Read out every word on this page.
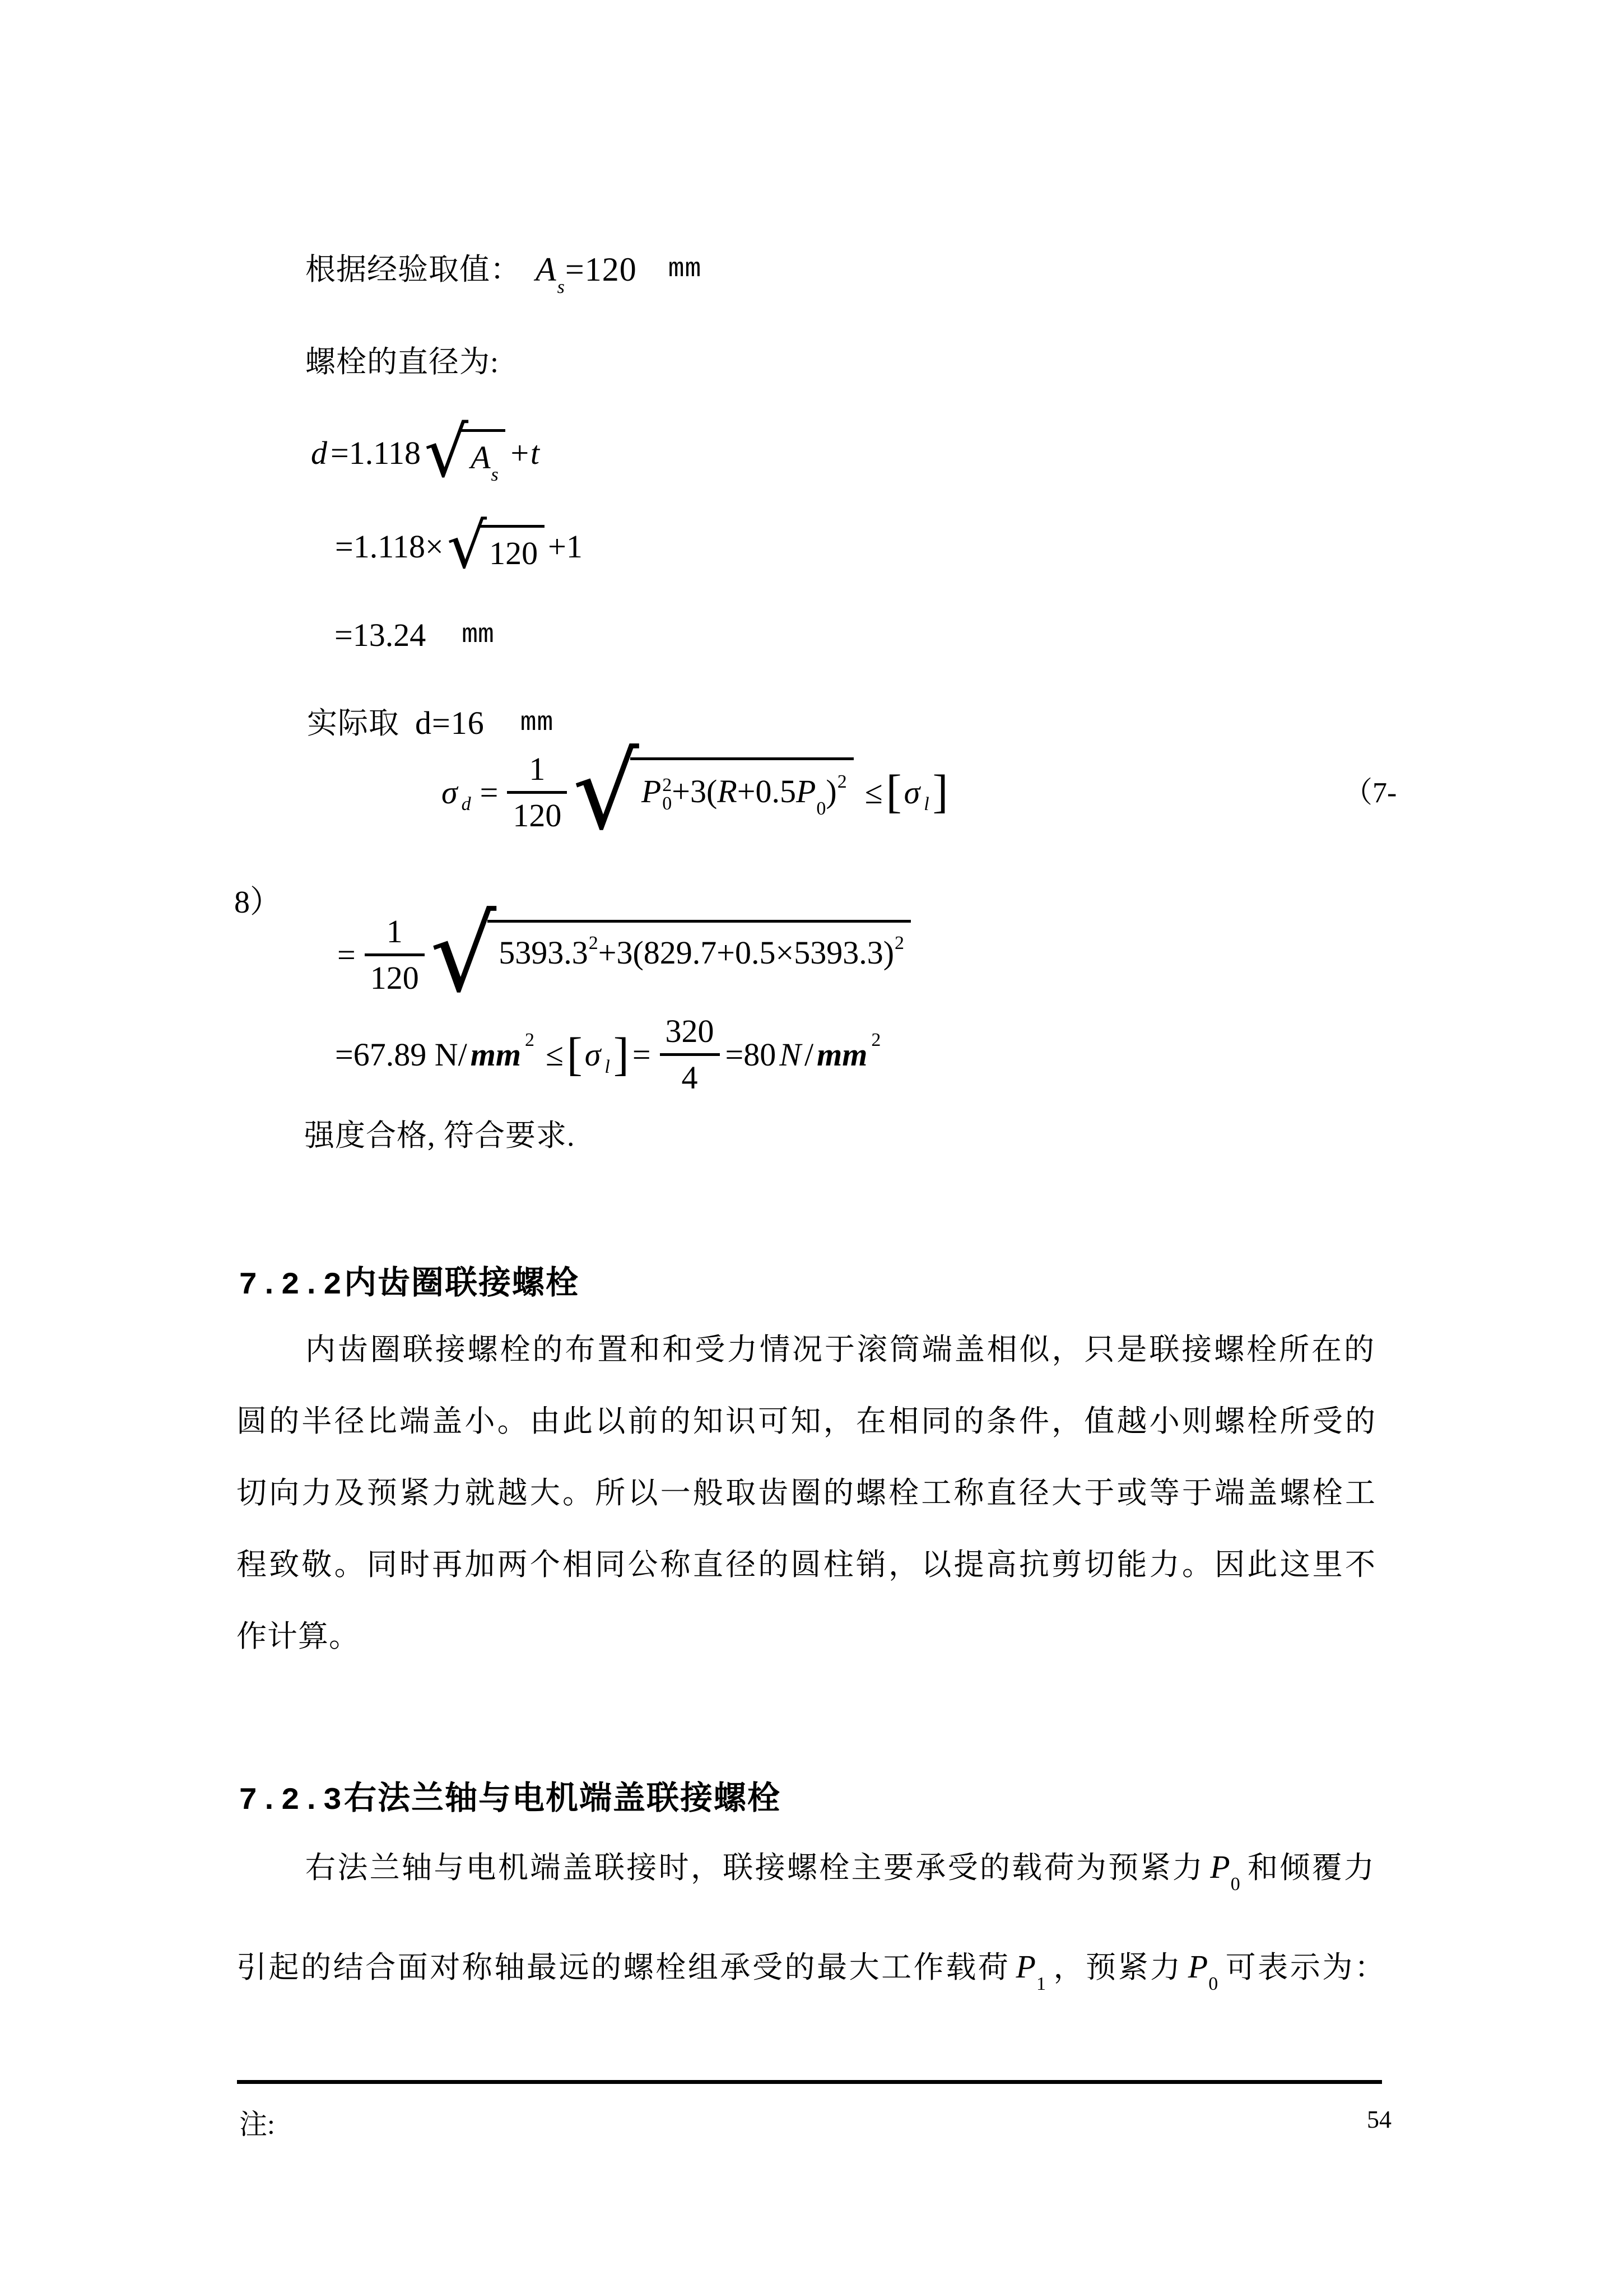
根据经验取值： $A_s=120$ mm
螺栓的直径为:
d =1.118 √ $A_s$
+t
=1.118× √ 120 +1
=13.24 mm
实际取 d=16 mm
σ d =
1
120 √ P 2
$0 +3(R+0.5P_0)^2$ ≤ [ σ l ]	（7-
8）
=
1
120 √ $5393.3^2+3(829.7+0.5\times 5393.3)^2$
=67.89 N/ mm 2 ≤ [ σ l ] =
320
4
=80 N / mm 2
强度合格, 符合要求.
7.2.2内齿圈联接螺栓
内齿圈联接螺栓的布置和和受力情况于滚筒端盖相似，只是联接螺栓所在的
圆的半径比端盖小。由此以前的知识可知，在相同的条件，值越小则螺栓所受的
切向力及预紧力就越大。所以一般取齿圈的螺栓工称直径大于或等于端盖螺栓工
程致敬。同时再加两个相同公称直径的圆柱销，以提高抗剪切能力。因此这里不
作计算。
7.2.3右法兰轴与电机端盖联接螺栓
右法兰轴与电机端盖联接时，联接螺栓主要承受的载荷为预紧力 $P_0$ 和倾覆力
引起的结合面对称轴最远的螺栓组承受的最大工作载荷 $P_1$ ，预紧力 $P_0$ 可表示为：
注:	54
